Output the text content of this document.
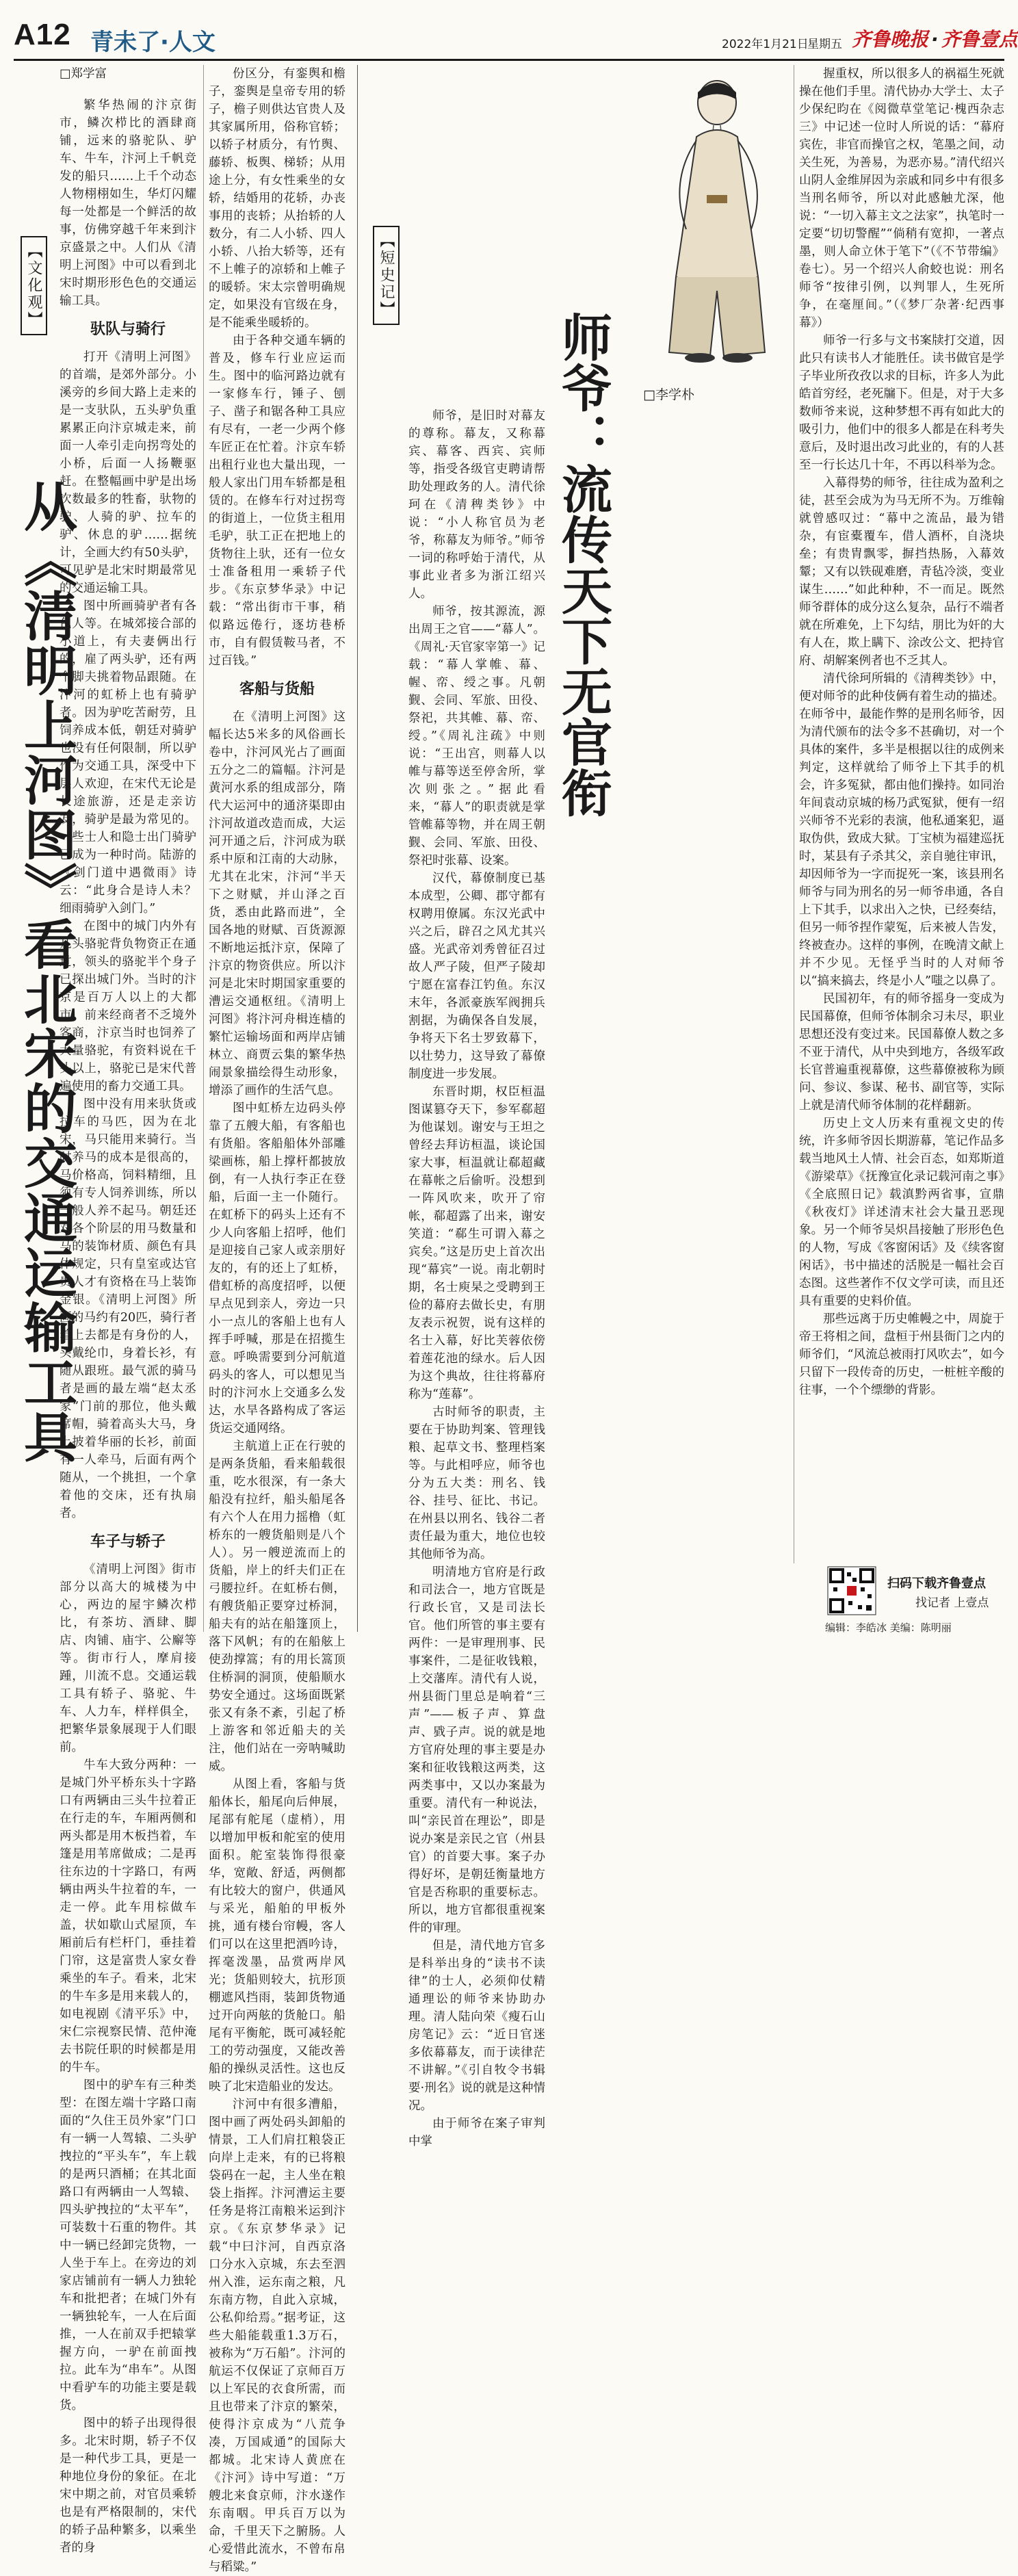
A12 青未了·人文	2022年1月21日
星期五 齐鲁晚报 · 齐鲁壹点
【文化观】
从《清明上河图》看北宋的交通运输工具

□郑学富

繁华热闹的汴京街市，鳞次栉比的酒肆商铺，远来的骆驼队、驴车、牛车，汴河上千帆竞发的船只……上千个动态人物栩栩如生，华灯闪耀每一处都是一个鲜活的故事，仿佛穿越千年来到汴京盛景之中。人们从《清明上河图》中可以看到北宋时期形形色色的交通运输工具。

驮队与骑行

打开《清明上河图》的首端，是郊外部分。小溪旁的乡间大路上走来的是一支驮队，五头驴负重累累正向汴京城走来，前面一人牵引走向拐弯处的小桥，后面一人扬鞭驱赶。在整幅画中驴是出场次数最多的牲畜，驮物的驴、人骑的驴、拉车的驴、休息的驴……据统计，全画大约有50头驴，可见驴是北宋时期最常见的交通运输工具。

图中所画骑驴者有各色人等。在城郊接合部的小道上，有夫妻俩出行的，雇了两头驴，还有两个脚夫挑着物品跟随。在汴河的虹桥上也有骑驴者。因为驴吃苦耐劳，且饲养成本低，朝廷对骑驴也没有任何限制，所以驴作为交通工具，深受中下层人欢迎，在宋代无论是长途旅游，还是走亲访友，骑驴是最为常见的。一些士人和隐士出门骑驴已成为一种时尚。陆游的《剑门道中遇微雨》诗云：“此身合是诗人未？细雨骑驴入剑门。”

在图中的城门内外有几头骆驼背负物资正在通过，领头的骆驼半个身子已探出城门外。当时的汴京是百万人以上的大都市，前来经商者不乏境外客商，汴京当时也饲养了大量骆驼，有资料说在千头以上，骆驼已是宋代普遍使用的畜力交通工具。

图中没有用来驮货或拉车的马匹，因为在北宋，马只能用来骑行。当时养马的成本是很高的，马价格高，饲料精细，且须有专人饲养训练，所以一般人养不起马。朝廷还对各个阶层的用马数量和马的装饰材质、颜色有具体规定，只有皇室或达官贵人才有资格在马上装饰金银。《清明上河图》所画的马约有20匹，骑行者着上去都是有身份的人，头戴纶巾，身着长衫，有随从跟班。最气派的骑马者是画的最左端“赵太丞家”门前的那位，他头戴席帽，骑着高头大马，身上披着华丽的长衫，前面有一人牵马，后面有两个随从，一个挑担，一个拿着他的交床，还有执扇者。

车子与轿子

《清明上河图》街市部分以高大的城楼为中心，两边的屋宇鳞次栉比，有茶坊、酒肆、脚店、肉铺、庙宇、公廨等等。街市行人，摩肩接踵，川流不息。交通运载工具有轿子、骆驼、牛车、人力车，样样俱全，把繁华景象展现于人们眼前。

牛车大致分两种：一是城门外平桥东头十字路口有两辆由三头牛拉着正在行走的车，车厢两侧和两头都是用木板挡着，车篷是用苇席做成；二是再往东边的十字路口，有两辆由两头牛拉着的车，一走一停。此车用棕做车盖，状如歇山式屋顶，车厢前后有栏杆门，垂挂着门帘，这是富贵人家女眷乘坐的车子。看来，北宋的牛车多是用来载人的，如电视剧《清平乐》中，宋仁宗视察民情、范仲淹去书院任职的时候都是用的牛车。

图中的驴车有三种类型：在图左端十字路口南面的“久住王员外家”门口有一辆一人驾辕、二头驴拽拉的“平头车”，车上载的是两只酒桶；在其北面路口有两辆由一人驾辕、四头驴拽拉的“太平车”，可装数十石重的物件。其中一辆已经卸完货物，一人坐于车上。在旁边的刘家店铺前有一辆人力独轮车和批把者；在城门外有一辆独轮车，一人在后面推，一人在前双手把辕掌握方向，一驴在前面拽拉。此车为“串车”。从图中看驴车的功能主要是载货。

图中的轿子出现得很多。北宋时期，轿子不仅是一种代步工具，更是一种地位身份的象征。在北宋中期之前，对官员乘轿也是有严格限制的，宋代的轿子品种繁多，以乘坐者的身

份区分，有銮舆和檐子，銮舆是皇帝专用的轿子，檐子则供达官贵人及其家属所用，俗称官轿；以轿子材质分，有竹舆、藤轿、板舆、梯轿；从用途上分，有女性乘坐的女轿，结婚用的花轿，办丧事用的丧轿；从抬轿的人数分，有二人小轿、四人小轿、八抬大轿等，还有不上帷子的凉轿和上帷子的暖轿。宋太宗曾明确规定，如果没有官级在身，是不能乘坐暖轿的。

由于各种交通车辆的普及，修车行业应运而生。图中的临河路边就有一家修车行，锤子、刨子、凿子和锯各种工具应有尽有，一老一少两个修车匠正在忙着。汴京车轿出租行业也大量出现，一般人家出门用车轿都是租赁的。在修车行对过拐弯的街道上，一位货主租用毛驴，驮工正在把地上的货物往上驮，还有一位女士准备租用一乘轿子代步。《东京梦华录》中记载：“常出街市干事，稍似路远倦行，逐坊巷桥市，自有假赁鞍马者，不过百钱。”

客船与货船

在《清明上河图》这幅长达5米多的风俗画长卷中，汴河风光占了画面五分之二的篇幅。汴河是黄河水系的组成部分，隋代大运河中的通济渠即由汴河故道改造而成，大运河开通之后，汴河成为联系中原和江南的大动脉，尤其在北宋，汴河“半天下之财赋，并山泽之百货，悉由此路而进”，全国各地的财赋、百货源源不断地运抵汴京，保障了汴京的物资供应。所以汴河是北宋时期国家重要的漕运交通枢纽。《清明上河图》将汴河舟楫连樯的繁忙运输场面和两岸店铺林立、商贾云集的繁华热闹景象描绘得生动形象，增添了画作的生活气息。

图中虹桥左边码头停靠了五艘大船，有客船也有货船。客船船体外部雕梁画栋，船上撑杆都披放倒，有一人执行李正在登船，后面一主一仆随行。在虹桥下的码头上还有不少人向客船上招呼，他们是迎接自己家人或亲朋好友的，有的还上了虹桥，借虹桥的高度招呼，以便早点见到亲人，旁边一只小一点儿的客船上也有人挥手呼喊，那是在招揽生意。呼唤需要到分河航道码头的客人，可以想见当时的汴河水上交通多么发达，水旱各路构成了客运货运交通网络。

主航道上正在行驶的是两条货船，看来船载很重，吃水很深，有一条大船没有拉纤，船头船尾各有六个人在用力摇橹（虹桥东的一艘货船则是八个人）。另一艘逆流而上的货船，岸上的纤夫们正在弓腰拉纤。在虹桥右侧，有艘货船正要穿过桥洞，船夫有的站在船篷顶上，落下风帆；有的在船舷上使劲撑篙；有的用长篙顶住桥洞的洞顶，使船顺水势安全通过。这场面既紧张又有条不紊，引起了桥上游客和邻近船夫的关注，他们站在一旁呐喊助威。

从图上看，客船与货船体长，船尾向后伸展，尾部有舵尾（虚梢），用以增加甲板和舵室的使用面积。舵室装饰得很豪华，宽敞、舒适，两侧都有比较大的窗户，供通风与采光，船舶的甲板外挑，通有楼台帘幔，客人们可以在这里把酒吟诗，挥毫泼墨，品赏两岸风光；货船则较大，抗形顶棚遮风挡雨，装卸货物通过开向两舷的货舱口。船尾有平衡舵，既可减轻舵工的劳动强度，又能改善船的操纵灵活性。这也反映了北宋造船业的发达。

汴河中有很多漕船，图中画了两处码头卸船的情景，工人们肩扛粮袋正向岸上走来，有的已将粮袋码在一起，主人坐在粮袋上指挥。汴河漕运主要任务是将江南粮米运到汴京。《东京梦华录》记载“中曰汴河，自西京洛口分水入京城，东去至泗州入淮，运东南之粮，凡东南方物，自此入京城，公私仰给焉。”据考证，这些大船能载重1.3万石，被称为“万石船”。汴河的航运不仅保证了京师百万以上军民的衣食所需，而且也带来了汴京的繁荣，使得汴京成为“八荒争凑，万国咸通”的国际大都城。北宋诗人黄庶在《汴河》诗中写道：“万艘北来食京师，汴水遂作东南咽。甲兵百万以为命，千里天下之腑肠。人心爱惜此流水，不曾布帛与稻粱。”

【短史记】
师爷：流传天下无官衔 □李学朴

师爷，是旧时对幕友的尊称。幕友，又称幕宾、幕客、西宾、宾师等，指受各级官吏聘请帮助处理政务的人。清代徐珂在《清稗类钞》中说：“小人称官员为老爷，称幕友为师爷。”师爷一词的称呼始于清代，从事此业者多为浙江绍兴人。

师爷，按其源流，源出周王之官——“幕人”。《周礼·天官家宰第一》记载：“幕人掌帷、幕、幄、帟、绶之事。凡朝觐、会同、军旅、田役、祭祀，共其帷、幕、帟、绶。”《周礼注疏》中则说：“王出宫，则幕人以帷与幕等送至停舍所，掌次则张之。”据此看来，“幕人”的职责就是掌管帷幕等物，并在周王朝觐、会同、军旅、田役、祭祀时张幕、设案。

汉代，幕僚制度已基本成型，公卿、郡守都有权聘用僚属。东汉光武中兴之后，辟召之风尤其兴盛。光武帝刘秀曾征召过故人严子陵，但严子陵却宁愿在富春江钓鱼。东汉末年，各派豪族军阀拥兵割据，为确保各自发展，争将天下名士罗致幕下，以壮势力，这导致了幕僚制度进一步发展。

东晋时期，权臣桓温图谋篡夺天下，参军郗超为他谋划。谢安与王坦之曾经去拜访桓温，谈论国家大事，桓温就让郗超藏在幕帐之后偷听。没想到一阵风吹来，吹开了帘帐，郗超露了出来，谢安笑道：“郗生可谓入幕之宾矣。”这是历史上首次出现“幕宾”一说。南北朝时期，名士庾杲之受聘到王俭的幕府去做长史，有朋友表示祝贺，说有这样的名士入幕，好比芙蓉依傍着莲花池的绿水。后人因为这个典故，往往将幕府称为“莲幕”。

古时师爷的职责，主要在于协助判案、管理钱粮、起草文书、整理档案等。与此相呼应，师爷也分为五大类：刑名、钱谷、挂号、征比、书记。在州县以刑名、钱谷二者责任最为重大，地位也较其他师爷为高。

明清地方官府是行政和司法合一，地方官既是行政长官，又是司法长官。他们所管的事主要有两件：一是审理刑事、民事案件，二是征收钱粮，上交藩库。清代有人说，州县衙门里总是响着“三声”——板子声、算盘声、戥子声。说的就是地方官府处理的事主要是办案和征收钱粮这两类，这两类事中，又以办案最为重要。清代有一种说法，叫“亲民首在理讼”，即是说办案是亲民之官（州县官）的首要大事。案子办得好坏，是朝廷衡量地方官是否称职的重要标志。所以，地方官都很重视案件的审理。

但是，清代地方官多是科举出身的“读书不读律”的士人，必须仰仗精通理讼的师爷来协助办理。清人陆向荣《瘦石山房笔记》云：“近日官迷多依幕幕友，而于读律茫不讲解。”《引自牧令书辑要·刑名》说的就是这种情况。

由于师爷在案子审判中掌

握重权，所以很多人的祸福生死就操在他们手里。清代协办大学士、太子少保纪昀在《阅微草堂笔记·槐西杂志三》中记述一位时人所说的话：“幕府宾佐，非官而操官之权，笔墨之间，动关生死，为善易，为恶亦易。”清代绍兴山阴人金维屏因为亲戚和同乡中有很多当刑名师爷，所以对此感触尤深，他说：“一切入幕主文之法家”，执笔时一定要“切切警醒”“倘稍有宽抑，一著点墨，则人命立休于笔下”（《不节带编》卷七）。另一个绍兴人俞蛟也说：刑名师爷“按律引例，以判罪人，生死所争，在毫厘间。”（《梦厂杂著·纪西事幕》）

师爷一行多与文书案牍打交道，因此只有读书人才能胜任。读书做官是学子毕业所孜孜以求的目标，许多人为此皓首穷经，老死牖下。但是，对于大多数师爷来说，这种梦想不再有如此大的吸引力，他们中的很多人都是在科考失意后，及时退出改习此业的，有的人甚至一行长达几十年，不再以科举为念。

入幕得势的师爷，往往成为盈利之徒，甚至会成为为马无所不为。万维翰就曾感叹过：“幕中之流品，最为错杂，有宦橐覆车，借人酒杯，自浇块垒；有贵胄飘零，摒挡热肠，入幕效颦；又有以铁砚难磨，青毡冷淡，变业谋生……”如此种种，不一而足。既然师爷群体的成分这么复杂，品行不端者就在所难免，上下勾结，朋比为奸的大有人在，欺上瞒下、涂改公文、把持官府、胡解案例者也不乏其人。

清代徐珂所辑的《清稗类钞》中，便对师爷的此种伎俩有着生动的描述。在师爷中，最能作弊的是刑名师爷，因为清代颁布的法令多不甚确切，对一个具体的案件，多半是根据以往的成例来判定，这样就给了师爷上下其手的机会，许多冤狱，都由他们操持。如同治年间袁动京城的杨乃武冤狱，便有一绍兴师爷不光彩的表演，他私通案犯，逼取伪供，致成大狱。丁宝桢为福建巡抚时，某县有子杀其父，亲自驰往审讯，却因师爷为一字而捉死一案，该县刑名师爷与同为刑名的另一师爷串通，各自上下其手，以求出入之快，已经奏结，但另一师爷捏作蒙冤，后来被人告发，终被查办。这样的事例，在晚清文献上并不少见。无怪乎当时的人对师爷以“搞来搞去，终是小人”嗤之以鼻了。

民国初年，有的师爷摇身一变成为民国幕僚，但师爷体制余习未尽，职业思想还没有变过来。民国幕僚人数之多不亚于清代，从中央到地方，各级军政长官普遍重视幕僚，这些幕僚被称为顾问、参议、参谋、秘书、副官等，实际上就是清代师爷体制的花样翻新。

历史上文人历来有重视文史的传统，许多师爷因长期游幕，笔记作品多载当地风土人情、社会百态，如郑斯道《游梁草》《抚豫宣化录记载河南之事》《全底照日记》载滇黔两省事，宣鼎《秋夜灯》详述清末社会大量丑恶现象。另一个师爷吴炽昌接触了形形色色的人物，写成《客窗闲话》及《续客窗闲话》，书中描述的活脱是一幅社会百态图。这些著作不仅文学可读，而且还具有重要的史料价值。

那些远离于历史帷幔之中，周旋于帝王将相之间，盘桓于州县衙门之内的师爷们，“风流总被雨打风吹去”，如今只留下一段传奇的历史，一桩桩辛酸的往事，一个个缥缈的背影。

扫码下载齐鲁壹点
找记者 上壹点
编辑：李皓冰 美编：陈明丽
